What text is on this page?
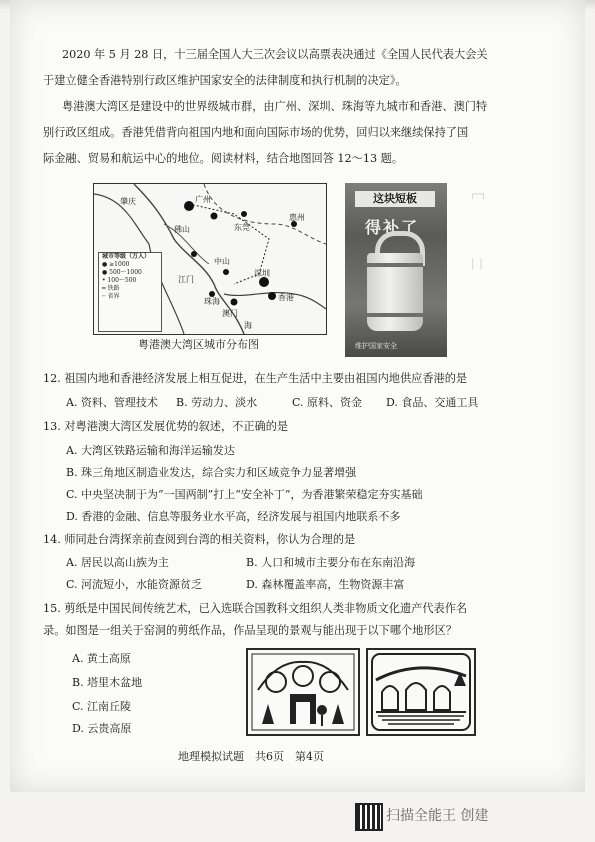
2020 年 5 月 28 日，十三届全国人大三次会议以高票表决通过《全国人民代表大会关
于建立健全香港特别行政区维护国家安全的法律制度和执行机制的决定》。
粤港澳大湾区是建设中的世界级城市群，由广州、深圳、珠海等九城市和香港、澳门特
别行政区组成。香港凭借背向祖国内地和面向国际市场的优势，回归以来继续保持了国
际金融、贸易和航运中心的地位。阅读材料，结合地图回答 12～13 题。
广州
东莞
惠州
佛山
深圳
珠海	香港
澳门
中山
江门
肇庆
海
城市等级（万人）
● ≥1000
● 500～1000
• 100～500
━ 铁路
┄ 省界
粤港澳大湾区城市分布图
这块短板
得补了
维护国家安全
┌─┐
│ │
12. 祖国内地和香港经济发展上相互促进，在生产生活中主要由祖国内地供应香港的是
A. 资料、管理技术 B. 劳动力、淡水	C. 原料、资金 D. 食品、交通工具
13. 对粤港澳大湾区发展优势的叙述，不正确的是
A. 大湾区铁路运输和海洋运输发达
B. 珠三角地区制造业发达，综合实力和区域竞争力显著增强
C. 中央坚决制于为“一国两制”打上“安全补丁”，为香港繁荣稳定夯实基础
D. 香港的金融、信息等服务业水平高，经济发展与祖国内地联系不多
14. 师同赴台湾探亲前查阅到台湾的相关资料，你认为合理的是
A. 居民以高山族为主	B. 人口和城市主要分布在东南沿海
C. 河流短小，水能资源贫乏	D. 森林覆盖率高，生物资源丰富
15. 剪纸是中国民间传统艺术，已入选联合国教科文组织人类非物质文化遗产代表作名
录。如图是一组关于窑洞的剪纸作品，作品呈现的景观与能出现于以下哪个地形区？
A. 黄土高原
B. 塔里木盆地
C. 江南丘陵
D. 云贵高原
地理模拟试题　共6页　第4页
扫描全能王 创建
